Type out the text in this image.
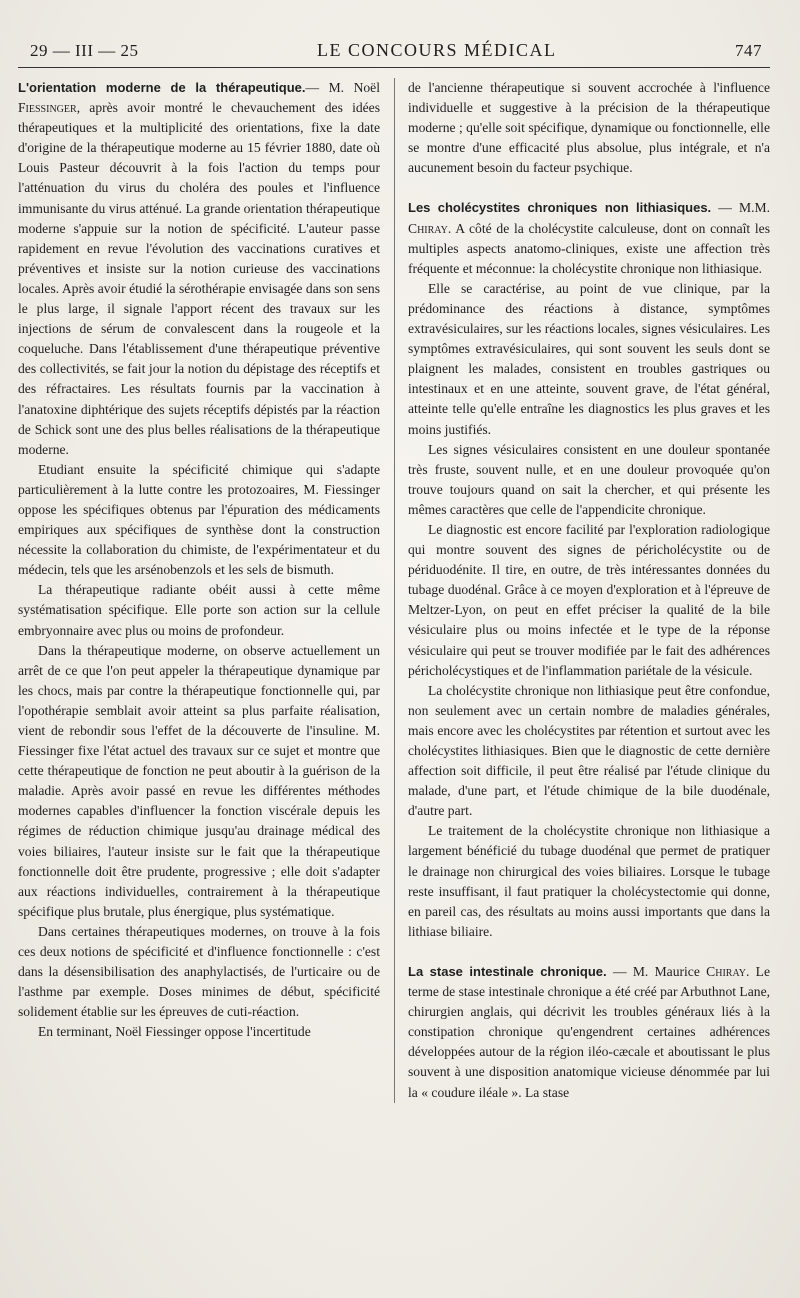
29 — III — 25	LE CONCOURS MÉDICAL	747

L'orientation moderne de la thérapeutique.— M. Noël Fiessinger, après avoir montré le chevauchement des idées thérapeutiques et la multiplicité des orientations, fixe la date d'origine de la thérapeutique moderne au 15 février 1880, date où Louis Pasteur découvrit à la fois l'action du temps pour l'atténuation du virus du choléra des poules et l'influence immunisante du virus atténué. La grande orientation thérapeutique moderne s'appuie sur la notion de spécificité. L'auteur passe rapidement en revue l'évolution des vaccinations curatives et préventives et insiste sur la notion curieuse des vaccinations locales. Après avoir étudié la sérothérapie envisagée dans son sens le plus large, il signale l'apport récent des travaux sur les injections de sérum de convalescent dans la rougeole et la coqueluche. Dans l'établissement d'une thérapeutique préventive des collectivités, se fait jour la notion du dépistage des réceptifs et des réfractaires. Les résultats fournis par la vaccination à l'anatoxine diphtérique des sujets réceptifs dépistés par la réaction de Schick sont une des plus belles réalisations de la thérapeutique moderne.

Etudiant ensuite la spécificité chimique qui s'adapte particulièrement à la lutte contre les protozoaires, M. Fiessinger oppose les spécifiques obtenus par l'épuration des médicaments empiriques aux spécifiques de synthèse dont la construction nécessite la collaboration du chimiste, de l'expérimentateur et du médecin, tels que les arsénobenzols et les sels de bismuth.

La thérapeutique radiante obéit aussi à cette même systématisation spécifique. Elle porte son action sur la cellule embryonnaire avec plus ou moins de profondeur.

Dans la thérapeutique moderne, on observe actuellement un arrêt de ce que l'on peut appeler la thérapeutique dynamique par les chocs, mais par contre la thérapeutique fonctionnelle qui, par l'opothérapie semblait avoir atteint sa plus parfaite réalisation, vient de rebondir sous l'effet de la découverte de l'insuline. M. Fiessinger fixe l'état actuel des travaux sur ce sujet et montre que cette thérapeutique de fonction ne peut aboutir à la guérison de la maladie. Après avoir passé en revue les différentes méthodes modernes capables d'influencer la fonction viscérale depuis les régimes de réduction chimique jusqu'au drainage médical des voies biliaires, l'auteur insiste sur le fait que la thérapeutique fonctionnelle doit être prudente, progressive ; elle doit s'adapter aux réactions individuelles, contrairement à la thérapeutique spécifique plus brutale, plus énergique, plus systématique.

Dans certaines thérapeutiques modernes, on trouve à la fois ces deux notions de spécificité et d'influence fonctionnelle : c'est dans la désensibilisation des anaphylactisés, de l'urticaire ou de l'asthme par exemple. Doses minimes de début, spécificité solidement établie sur les épreuves de cuti-réaction.

En terminant, Noël Fiessinger oppose l'incertitude

de l'ancienne thérapeutique si souvent accrochée à l'influence individuelle et suggestive à la précision de la thérapeutique moderne ; qu'elle soit spécifique, dynamique ou fonctionnelle, elle se montre d'une efficacité plus absolue, plus intégrale, et n'a aucunement besoin du facteur psychique.

Les cholécystites chroniques non lithiasiques. — M.M. Chiray. A côté de la cholécystite calculeuse, dont on connaît les multiples aspects anatomo-cliniques, existe une affection très fréquente et méconnue: la cholécystite chronique non lithiasique.

Elle se caractérise, au point de vue clinique, par la prédominance des réactions à distance, symptômes extravésiculaires, sur les réactions locales, signes vésiculaires. Les symptômes extravésiculaires, qui sont souvent les seuls dont se plaignent les malades, consistent en troubles gastriques ou intestinaux et en une atteinte, souvent grave, de l'état général, atteinte telle qu'elle entraîne les diagnostics les plus graves et les moins justifiés.

Les signes vésiculaires consistent en une douleur spontanée très fruste, souvent nulle, et en une douleur provoquée qu'on trouve toujours quand on sait la chercher, et qui présente les mêmes caractères que celle de l'appendicite chronique.

Le diagnostic est encore facilité par l'exploration radiologique qui montre souvent des signes de péricholécystite ou de périduodénite. Il tire, en outre, de très intéressantes données du tubage duodénal. Grâce à ce moyen d'exploration et à l'épreuve de Meltzer-Lyon, on peut en effet préciser la qualité de la bile vésiculaire plus ou moins infectée et le type de la réponse vésiculaire qui peut se trouver modifiée par le fait des adhérences péricholécystiques et de l'inflammation pariétale de la vésicule.

La cholécystite chronique non lithiasique peut être confondue, non seulement avec un certain nombre de maladies générales, mais encore avec les cholécystites par rétention et surtout avec les cholécystites lithiasiques. Bien que le diagnostic de cette dernière affection soit difficile, il peut être réalisé par l'étude clinique du malade, d'une part, et l'étude chimique de la bile duodénale, d'autre part.

Le traitement de la cholécystite chronique non lithiasique a largement bénéficié du tubage duodénal que permet de pratiquer le drainage non chirurgical des voies biliaires. Lorsque le tubage reste insuffisant, il faut pratiquer la cholécystectomie qui donne, en pareil cas, des résultats au moins aussi importants que dans la lithiase biliaire.

La stase intestinale chronique. — M. Maurice Chiray. Le terme de stase intestinale chronique a été créé par Arbuthnot Lane, chirurgien anglais, qui décrivit les troubles généraux liés à la constipation chronique qu'engendrent certaines adhérences développées autour de la région iléo-cæcale et aboutissant le plus souvent à une disposition anatomique vicieuse dénommée par lui la « coudure iléale ». La stase
